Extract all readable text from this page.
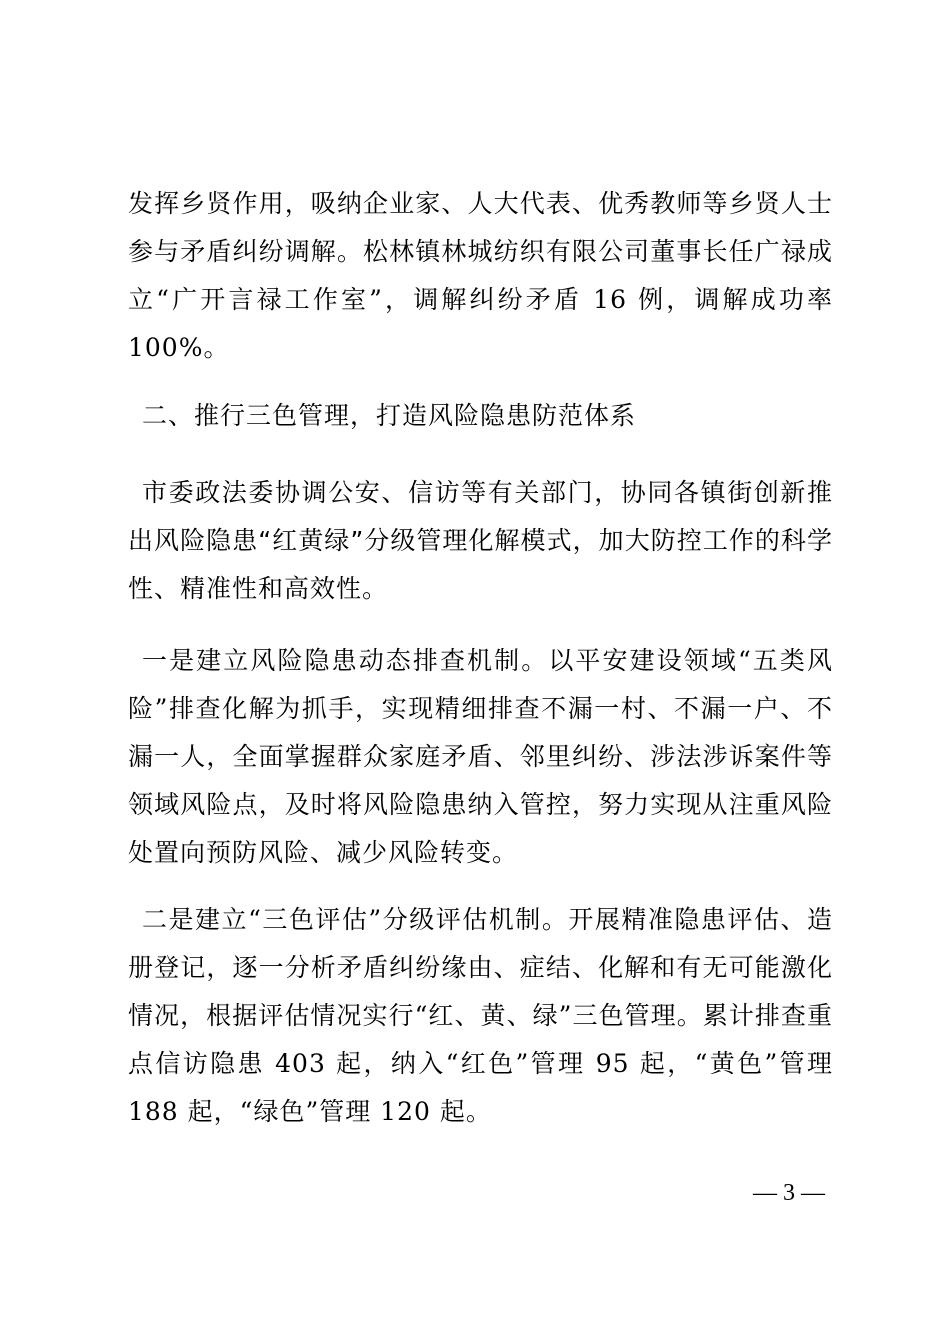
发挥乡贤作用，吸纳企业家、人大代表、优秀教师等乡贤人士参与矛盾纠纷调解。松林镇林城纺织有限公司董事长任广禄成立“广开言禄工作室”，调解纠纷矛盾 16 例，调解成功率 100%。

二、推行三色管理，打造风险隐患防范体系

市委政法委协调公安、信访等有关部门，协同各镇街创新推出风险隐患“红黄绿”分级管理化解模式，加大防控工作的科学性、精准性和高效性。

一是建立风险隐患动态排查机制。以平安建设领域“五类风险”排查化解为抓手，实现精细排查不漏一村、不漏一户、不漏一人，全面掌握群众家庭矛盾、邻里纠纷、涉法涉诉案件等领域风险点，及时将风险隐患纳入管控，努力实现从注重风险处置向预防风险、减少风险转变。

二是建立“三色评估”分级评估机制。开展精准隐患评估、造册登记，逐一分析矛盾纠纷缘由、症结、化解和有无可能激化情况，根据评估情况实行“红、黄、绿”三色管理。累计排查重点信访隐患 403 起，纳入“红色”管理 95 起，“黄色”管理 188 起，“绿色”管理 120 起。

— 3 —
